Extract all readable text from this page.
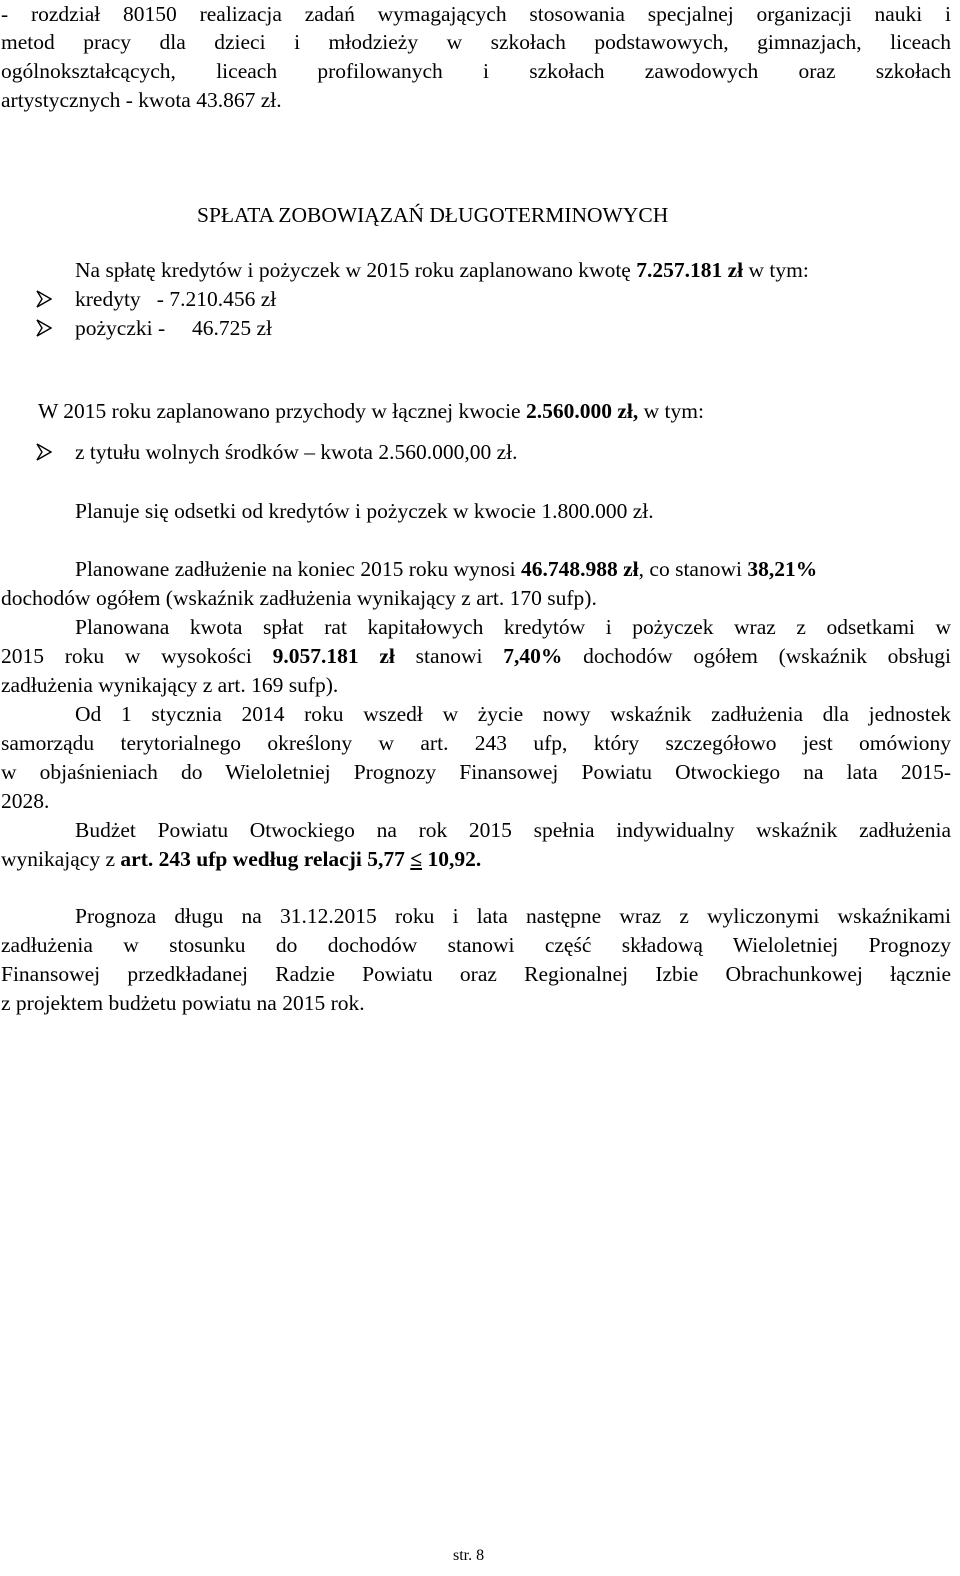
- rozdział 80150 realizacja zadań wymagających stosowania specjalnej organizacji nauki i
metod pracy dla dzieci i młodzieży w szkołach podstawowych, gimnazjach, liceach
ogólnokształcących, liceach profilowanych i szkołach zawodowych oraz szkołach
artystycznych - kwota 43.867 zł.
SPŁATA ZOBOWIĄZAŃ DŁUGOTERMINOWYCH
Na spłatę kredytów i pożyczek w 2015 roku zaplanowano kwotę 7.257.181 zł w tym:
kredyty   - 7.210.456 zł
pożyczki -     46.725 zł
W 2015 roku zaplanowano przychody w łącznej kwocie 2.560.000 zł, w tym:
z tytułu wolnych środków – kwota 2.560.000,00 zł.
Planuje się odsetki od kredytów i pożyczek w kwocie 1.800.000 zł.
Planowane zadłużenie na koniec 2015 roku wynosi 46.748.988 zł, co stanowi 38,21%
dochodów ogółem (wskaźnik zadłużenia wynikający z art. 170 sufp).
Planowana kwota spłat rat kapitałowych kredytów i pożyczek wraz z odsetkami w
2015 roku w wysokości 9.057.181 zł stanowi 7,40% dochodów ogółem (wskaźnik obsługi
zadłużenia wynikający z art. 169 sufp).
Od 1 stycznia 2014 roku wszedł w życie nowy wskaźnik zadłużenia dla jednostek
samorządu terytorialnego określony w art. 243 ufp, który szczegółowo jest omówiony
w objaśnieniach do Wieloletniej Prognozy Finansowej Powiatu Otwockiego na lata 2015-
2028.
Budżet Powiatu Otwockiego na rok 2015 spełnia indywidualny wskaźnik zadłużenia
wynikający z art. 243 ufp według relacji 5,77 ≤ 10,92.
Prognoza długu na 31.12.2015 roku i lata następne wraz z wyliczonymi wskaźnikami
zadłużenia w stosunku do dochodów stanowi część składową Wieloletniej Prognozy
Finansowej przedkładanej Radzie Powiatu oraz Regionalnej Izbie Obrachunkowej łącznie
z projektem budżetu powiatu na 2015 rok.
str. 8
